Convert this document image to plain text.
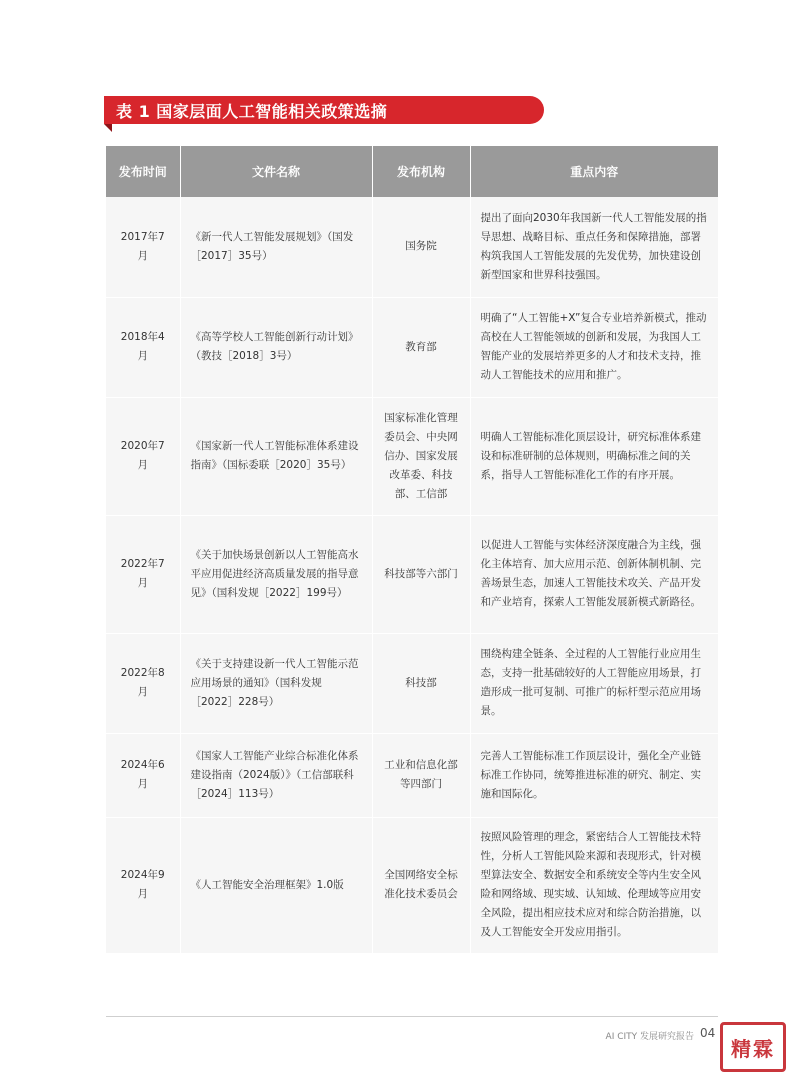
表 1 国家层面人工智能相关政策选摘
发布时间	文件名称	发布机构	重点内容
2017年7月	《新一代人工智能发展规划》（国发［2017］35号）	国务院	提出了面向2030年我国新一代人工智能发展的指导思想、战略目标、重点任务和保障措施，部署构筑我国人工智能发展的先发优势，加快建设创新型国家和世界科技强国。
2018年4月	《高等学校人工智能创新行动计划》（教技［2018］3号）	教育部	明确了“人工智能+X”复合专业培养新模式，推动高校在人工智能领域的创新和发展，为我国人工智能产业的发展培养更多的人才和技术支持，推动人工智能技术的应用和推广。
2020年7月	《国家新一代人工智能标准体系建设指南》（国标委联［2020］35号）	国家标准化管理委员会、中央网信办、国家发展改革委、科技部、工信部	明确人工智能标准化顶层设计，研究标准体系建设和标准研制的总体规则，明确标准之间的关系，指导人工智能标准化工作的有序开展。
2022年7月	《关于加快场景创新以人工智能高水平应用促进经济高质量发展的指导意见》（国科发规［2022］199号）	科技部等六部门	以促进人工智能与实体经济深度融合为主线，强化主体培育、加大应用示范、创新体制机制、完善场景生态，加速人工智能技术攻关、产品开发和产业培育，探索人工智能发展新模式新路径。
2022年8月	《关于支持建设新一代人工智能示范应用场景的通知》（国科发规［2022］228号）	科技部	围绕构建全链条、全过程的人工智能行业应用生态，支持一批基础较好的人工智能应用场景，打造形成一批可复制、可推广的标杆型示范应用场景。
2024年6月	《国家人工智能产业综合标准化体系建设指南（2024版）》（工信部联科［2024］113号）	工业和信息化部等四部门	完善人工智能标准工作顶层设计，强化全产业链标准工作协同，统筹推进标准的研究、制定、实施和国际化。
2024年9月	《人工智能安全治理框架》1.0版	全国网络安全标准化技术委员会	按照风险管理的理念，紧密结合人工智能技术特性，分析人工智能风险来源和表现形式，针对模型算法安全、数据安全和系统安全等内生安全风险和网络域、现实域、认知域、伦理域等应用安全风险，提出相应技术应对和综合防治措施，以及人工智能安全开发应用指引。
AI CITY 发展研究报告 04
精霖
